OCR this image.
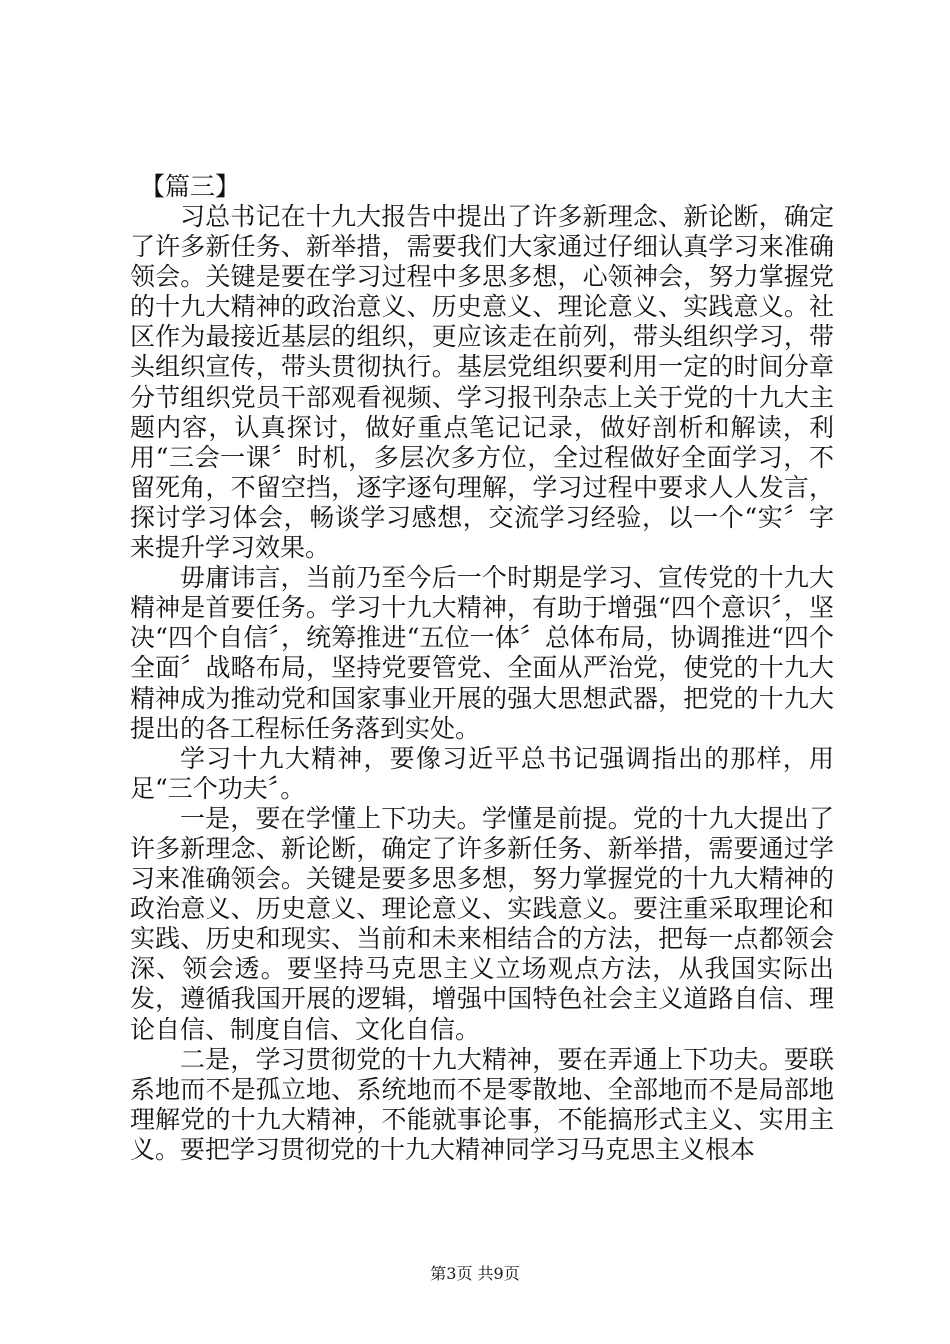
【篇三】

习总书记在十九大报告中提出了许多新理念、新论断，确定了许多新任务、新举措，需要我们大家通过仔细认真学习来准确领会。关键是要在学习过程中多思多想，心领神会，努力掌握党的十九大精神的政治意义、历史意义、理论意义、实践意义。社区作为最接近基层的组织，更应该走在前列，带头组织学习，带头组织宣传，带头贯彻执行。基层党组织要利用一定的时间分章分节组织党员干部观看视频、学习报刊杂志上关于党的十九大主题内容，认真探讨，做好重点笔记记录，做好剖析和解读，利用“三会一课〞时机，多层次多方位，全过程做好全面学习，不留死角，不留空挡，逐字逐句理解，学习过程中要求人人发言，探讨学习体会，畅谈学习感想，交流学习经验，以一个“实〞字来提升学习效果。

毋庸讳言，当前乃至今后一个时期是学习、宣传党的十九大精神是首要任务。学习十九大精神，有助于增强“四个意识〞，坚决“四个自信〞，统筹推进“五位一体〞总体布局，协调推进“四个全面〞战略布局，坚持党要管党、全面从严治党，使党的十九大精神成为推动党和国家事业开展的强大思想武器，把党的十九大提出的各工程标任务落到实处。

学习十九大精神，要像习近平总书记强调指出的那样，用足“三个功夫〞。

一是，要在学懂上下功夫。学懂是前提。党的十九大提出了许多新理念、新论断，确定了许多新任务、新举措，需要通过学习来准确领会。关键是要多思多想，努力掌握党的十九大精神的政治意义、历史意义、理论意义、实践意义。要注重采取理论和实践、历史和现实、当前和未来相结合的方法，把每一点都领会深、领会透。要坚持马克思主义立场观点方法，从我国实际出发，遵循我国开展的逻辑，增强中国特色社会主义道路自信、理论自信、制度自信、文化自信。

二是，学习贯彻党的十九大精神，要在弄通上下功夫。要联系地而不是孤立地、系统地而不是零散地、全部地而不是局部地理解党的十九大精神，不能就事论事，不能搞形式主义、实用主义。要把学习贯彻党的十九大精神同学习马克思主义根本

第3页 共9页
